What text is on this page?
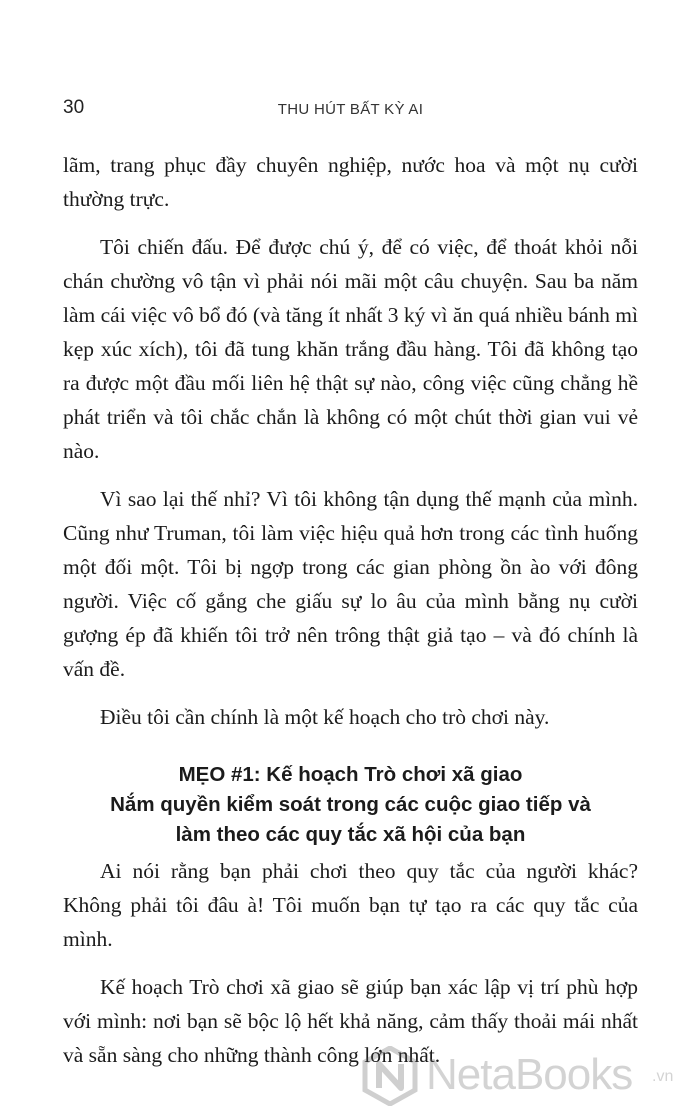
30	THU HÚT BẤT KỲ AI

lãm, trang phục đầy chuyên nghiệp, nước hoa và một nụ cười thường trực.

Tôi chiến đấu. Để được chú ý, để có việc, để thoát khỏi nỗi chán chường vô tận vì phải nói mãi một câu chuyện. Sau ba năm làm cái việc vô bổ đó (và tăng ít nhất 3 ký vì ăn quá nhiều bánh mì kẹp xúc xích), tôi đã tung khăn trắng đầu hàng. Tôi đã không tạo ra được một đầu mối liên hệ thật sự nào, công việc cũng chẳng hề phát triển và tôi chắc chắn là không có một chút thời gian vui vẻ nào.

Vì sao lại thế nhỉ? Vì tôi không tận dụng thế mạnh của mình. Cũng như Truman, tôi làm việc hiệu quả hơn trong các tình huống một đối một. Tôi bị ngợp trong các gian phòng ồn ào với đông người. Việc cố gắng che giấu sự lo âu của mình bằng nụ cười gượng ép đã khiến tôi trở nên trông thật giả tạo – và đó chính là vấn đề.

Điều tôi cần chính là một kế hoạch cho trò chơi này.

MẸO #1: Kế hoạch Trò chơi xã giao
Nắm quyền kiểm soát trong các cuộc giao tiếp và
làm theo các quy tắc xã hội của bạn

Ai nói rằng bạn phải chơi theo quy tắc của người khác? Không phải tôi đâu à! Tôi muốn bạn tự tạo ra các quy tắc của mình.

Kế hoạch Trò chơi xã giao sẽ giúp bạn xác lập vị trí phù hợp với mình: nơi bạn sẽ bộc lộ hết khả năng, cảm thấy thoải mái nhất và sẵn sàng cho những thành công lớn nhất.

NetaBooks .vn
